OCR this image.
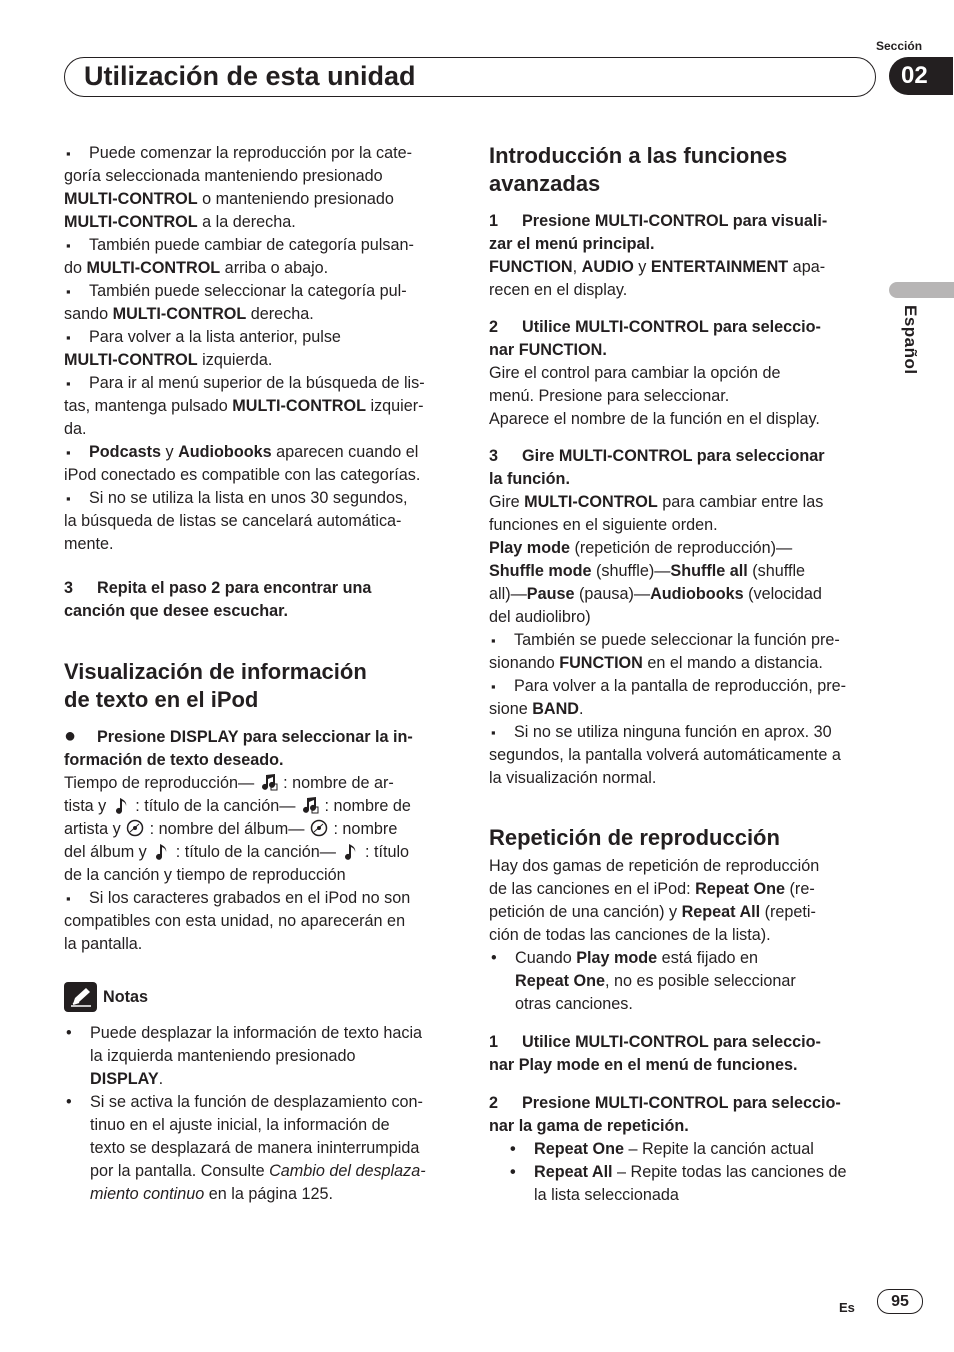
Utilización de esta unidad
Sección
02
Español

▪ Puede comenzar la reproducción por la cate-

goría seleccionada manteniendo presionado

MULTI-CONTROL o manteniendo presionado

MULTI-CONTROL a la derecha.

▪ También puede cambiar de categoría pulsan-

do MULTI-CONTROL arriba o abajo.

▪ También puede seleccionar la categoría pul-

sando MULTI-CONTROL derecha.

▪ Para volver a la lista anterior, pulse

MULTI-CONTROL izquierda.

▪ Para ir al menú superior de la búsqueda de lis-

tas, mantenga pulsado MULTI-CONTROL izquier-

da.

▪ Podcasts y Audiobooks aparecen cuando el

iPod conectado es compatible con las categorías.

▪ Si no se utiliza la lista en unos 30 segundos,

la búsqueda de listas se cancelará automática-

mente.

3 Repita el paso 2 para encontrar una

canción que desee escuchar.

Visualización de información

de texto en el iPod

● Presione DISPLAY para seleccionar la in-

formación de texto deseado.

Tiempo de reproducción— : nombre de ar-

tista y  : título de la canción— : nombre de

artista y  : nombre del álbum— : nombre

del álbum y  : título de la canción—  : título

de la canción y tiempo de reproducción

▪ Si los caracteres grabados en el iPod no son

compatibles con esta unidad, no aparecerán en

la pantalla.

Notas

• Puede desplazar la información de texto hacia

la izquierda manteniendo presionado

DISPLAY.

• Si se activa la función de desplazamiento con-

tinuo en el ajuste inicial, la información de

texto se desplazará de manera ininterrumpida

por la pantalla. Consulte Cambio del desplaza-

miento continuo en la página 125.

Introducción a las funciones

avanzadas

1 Presione MULTI-CONTROL para visuali-

zar el menú principal.

FUNCTION, AUDIO y ENTERTAINMENT apa-

recen en el display.

2 Utilice MULTI-CONTROL para seleccio-

nar FUNCTION.

Gire el control para cambiar la opción de

menú. Presione para seleccionar.

Aparece el nombre de la función en el display.

3 Gire MULTI-CONTROL para seleccionar

la función.

Gire MULTI-CONTROL para cambiar entre las

funciones en el siguiente orden.

Play mode (repetición de reproducción)—

Shuffle mode (shuffle)—Shuffle all (shuffle

all)—Pause (pausa)—Audiobooks (velocidad

del audiolibro)

▪ También se puede seleccionar la función pre-

sionando FUNCTION en el mando a distancia.

▪ Para volver a la pantalla de reproducción, pre-

sione BAND.

▪ Si no se utiliza ninguna función en aprox. 30

segundos, la pantalla volverá automáticamente a

la visualización normal.

Repetición de reproducción

Hay dos gamas de repetición de reproducción

de las canciones en el iPod: Repeat One (re-

petición de una canción) y Repeat All (repeti-

ción de todas las canciones de la lista).

• Cuando Play mode está fijado en

Repeat One, no es posible seleccionar

otras canciones.

1 Utilice MULTI-CONTROL para seleccio-

nar Play mode en el menú de funciones.

2 Presione MULTI-CONTROL para seleccio-

nar la gama de repetición.

• Repeat One – Repite la canción actual

• Repeat All – Repite todas las canciones de

la lista seleccionada

Es 95
